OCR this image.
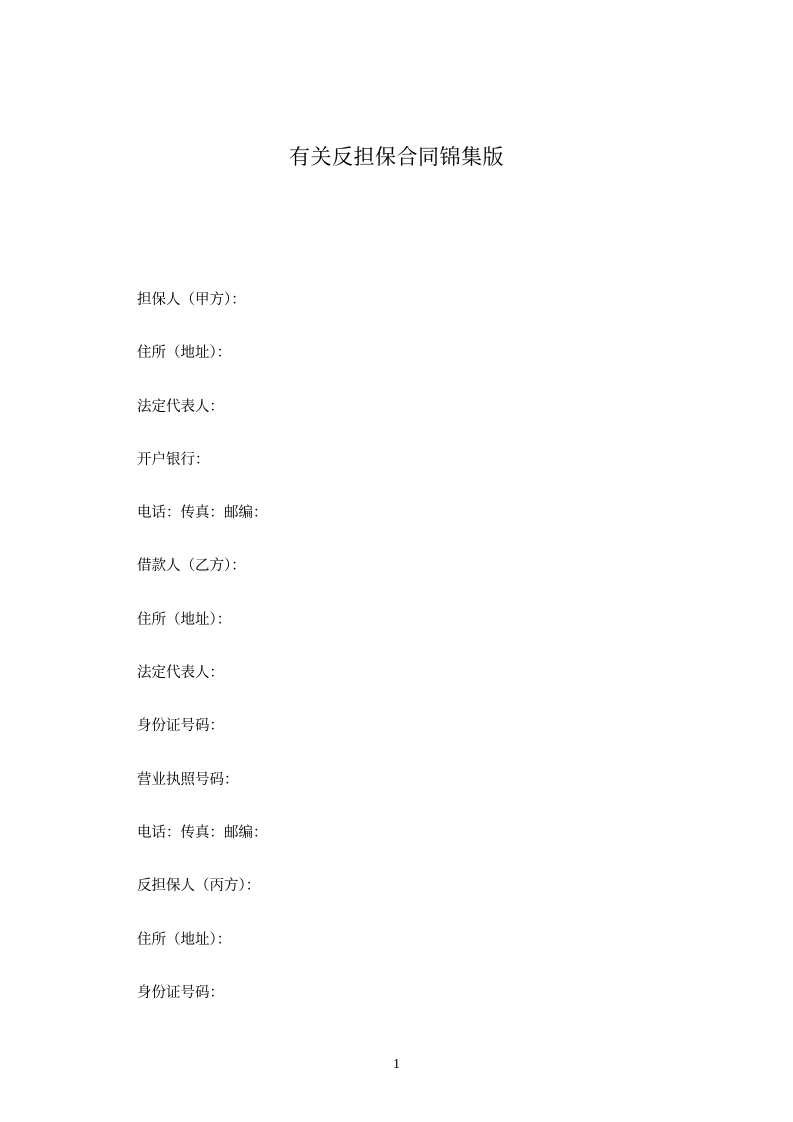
有关反担保合同锦集版
担保人（甲方）：
住所（地址）：
法定代表人：
开户银行：
电话：传真：邮编：
借款人（乙方）：
住所（地址）：
法定代表人：
身份证号码：
营业执照号码：
电话：传真：邮编：
反担保人（丙方）：
住所（地址）：
身份证号码：
1
